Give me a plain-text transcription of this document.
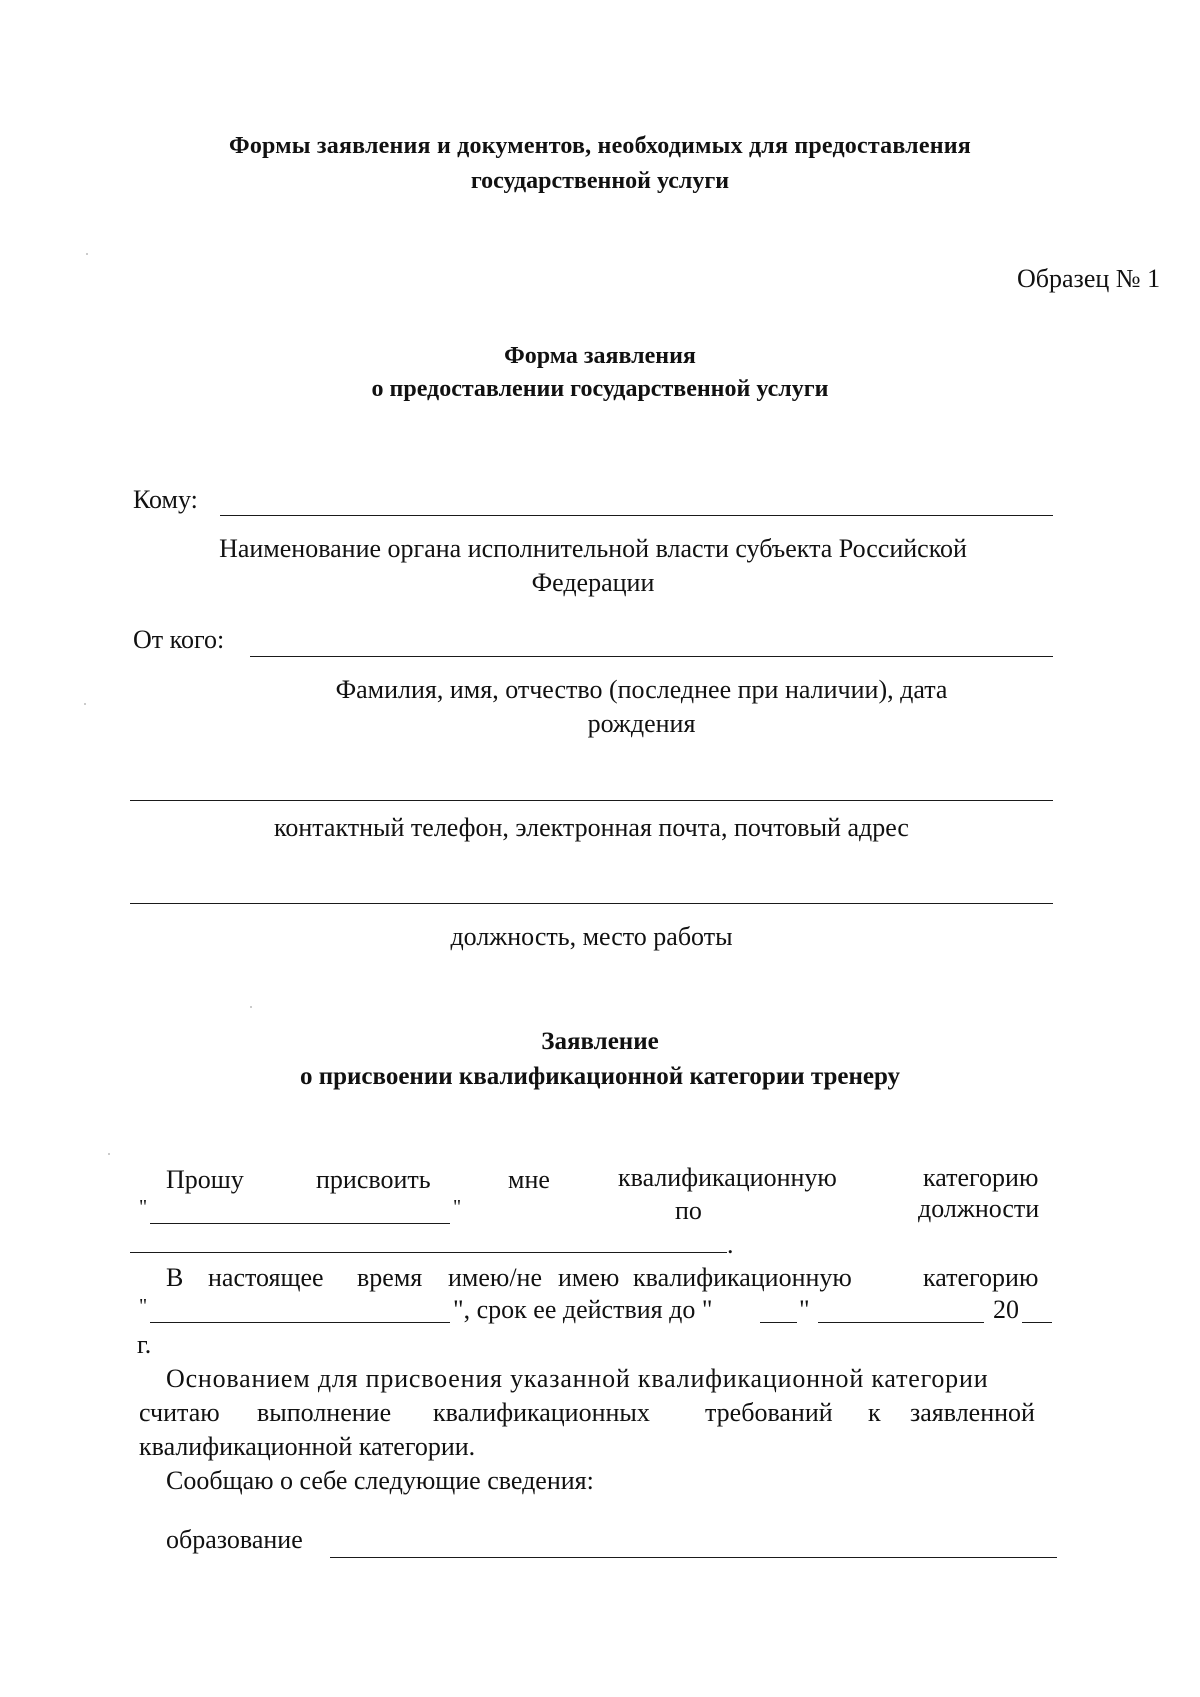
Формы заявления и документов, необходимых для предоставления
государственной услуги
Образец № 1
Форма заявления
о предоставлении государственной услуги
Кому:
Наименование органа исполнительной власти субъекта Российской
Федерации
От кого:
Фамилия, имя, отчество (последнее при наличии), дата
рождения
контактный телефон, электронная почта, почтовый адрес
должность, место работы
Заявление
о присвоении квалификационной категории тренеру
Прошу	присвоить	мне	квалификационную	категорию
"	"	по	должности
.
В настоящее время имею/не имею квалификационную	категорию
"	", срок ее действия до "	"	20
г.
Основанием для присвоения указанной квалификационной категории
считаю выполнение квалификационных требований к заявленной
квалификационной категории.
Сообщаю о себе следующие сведения:
образование
